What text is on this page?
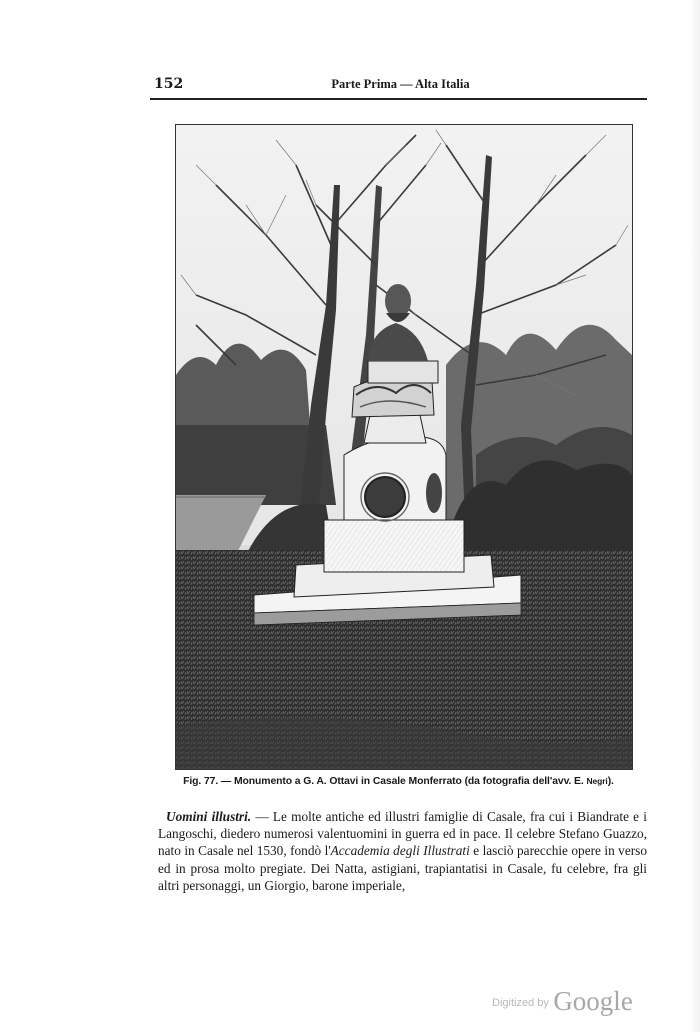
152	Parte Prima — Alta Italia
Fig. 77. — Monumento a G. A. Ottavi in Casale Monferrato (da fotografia dell'avv. E. Negri).

Uomini illustri. — Le molte antiche ed illustri famiglie di Casale, fra cui i Biandrate e i Langoschi, diedero numerosi valentuomini in guerra ed in pace. Il celebre Stefano Guazzo, nato in Casale nel 1530, fondò l'Accademia degli Illustrati e lasciò parecchie opere in verso ed in prosa molto pregiate. Dei Natta, astigiani, trapiantatisi in Casale, fu celebre, fra gli altri personaggi, un Giorgio, barone imperiale,

$^{Digitized by}$ Google
